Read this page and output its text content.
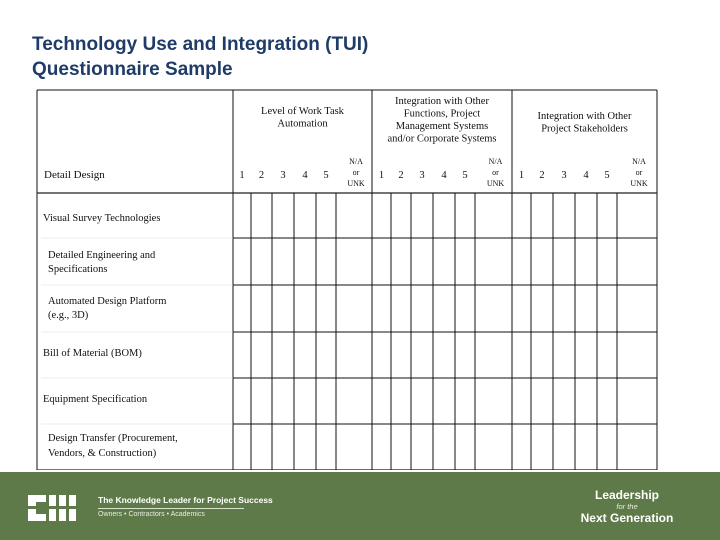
Technology Use and Integration (TUI)
Questionnaire Sample
Level of Work Task
Automation
Integration with Other
Functions, Project
Management Systems
and/or Corporate Systems
Integration with Other
Project Stakeholders
1 2 3 4 5
N/A
or
UNK
1 2 3 4 5
N/A
or
UNK
1 2 3 4 5
N/A
or
UNK
Detail Design
Visual Survey Technologies
Detailed Engineering and
Specifications
Automated Design Platform
(e.g., 3D)
Bill of Material (BOM)
Equipment Specification
Design Transfer (Procurement,
Vendors, & Construction)
The Knowledge Leader for Project Success
Owners • Contractors • Academics
Leadership
for the
Next Generation
